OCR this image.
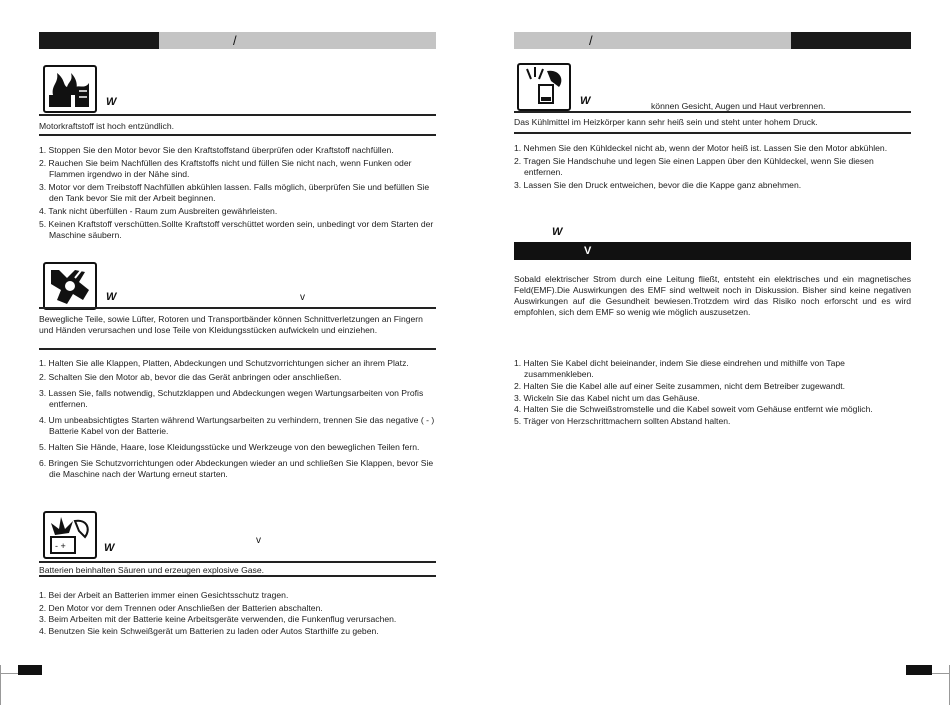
/
W
Motorkraftstoff ist hoch entzündlich.
1. Stoppen Sie den Motor bevor Sie den Kraftstoffstand überprüfen oder Kraftstoff nachfüllen.
2. Rauchen Sie beim Nachfüllen des Kraftstoffs nicht und füllen Sie nicht nach, wenn Funken oder Flammen irgendwo in der Nähe sind.
3. Motor vor dem Treibstoff Nachfüllen abkühlen lassen. Falls möglich, überprüfen Sie und befüllen Sie den Tank bevor Sie mit der Arbeit beginnen.
4. Tank nicht überfüllen - Raum zum Ausbreiten gewährleisten.
5. Keinen Kraftstoff verschütten.Sollte Kraftstoff verschüttet worden sein, unbedingt vor dem Starten der Maschine säubern.
W	v
Bewegliche Teile, sowie Lüfter, Rotoren und Transportbänder können Schnittverletzungen an Fingern und Händen verursachen und lose Teile von Kleidungsstücken aufwickeln und einziehen.
1. Halten Sie alle Klappen, Platten, Abdeckungen und Schutzvorrichtungen sicher an ihrem Platz.
2. Schalten Sie den Motor ab, bevor die das Gerät anbringen oder anschließen.
3. Lassen Sie, falls notwendig, Schutzklappen und Abdeckungen wegen Wartungsarbeiten von Profis entfernen.
4. Um unbeabsichtigtes Starten während Wartungsarbeiten zu verhindern, trennen Sie das negative ( - ) Batterie Kabel von der Batterie.
5. Halten Sie Hände, Haare, lose Kleidungsstücke und Werkzeuge von den beweglichen Teilen fern.
6. Bringen Sie Schutzvorrichtungen oder Abdeckungen wieder an und schließen Sie Klappen, bevor Sie die Maschine nach der Wartung erneut starten.
- +	W
v
Batterien beinhalten Säuren und erzeugen explosive Gase.
1. Bei der Arbeit an Batterien immer einen Gesichtsschutz tragen.
2. Den Motor vor dem Trennen oder Anschließen der Batterien abschalten.
3. Beim Arbeiten mit der Batterie keine Arbeitsgeräte verwenden, die Funkenflug verursachen.
4. Benutzen Sie kein Schweißgerät um Batterien zu laden oder Autos Starthilfe zu geben.
/
W	können Gesicht, Augen und Haut verbrennen.
Das Kühlmittel im Heizkörper kann sehr heiß sein und steht unter hohem Druck.
1. Nehmen Sie den Kühldeckel nicht ab, wenn der Motor heiß ist. Lassen Sie den Motor abkühlen.
2. Tragen Sie Handschuhe und legen Sie einen Lappen über den Kühldeckel, wenn Sie diesen entfernen.
3. Lassen Sie den Druck entweichen, bevor die die Kappe ganz abnehmen.
W
V
Sobald elektrischer Strom durch eine Leitung fließt, entsteht ein elektrisches und ein magnetisches Feld(EMF).Die Auswirkungen des EMF sind weltweit noch in Diskussion. Bisher sind keine negativen Auswirkungen auf die Gesundheit bewiesen.Trotzdem wird das Risiko noch erforscht und es wird empfohlen, sich dem EMF so wenig wie möglich auszusetzen.
1. Halten Sie Kabel dicht beieinander, indem Sie diese eindrehen und mithilfe von Tape zusammenkleben.
2. Halten Sie die Kabel alle auf einer Seite zusammen, nicht dem Betreiber zugewandt.
3. Wickeln Sie das Kabel nicht um das Gehäuse.
4. Halten Sie die Schweißstromstelle und die Kabel soweit vom Gehäuse entfernt wie möglich.
5. Träger von Herzschrittmachern sollten Abstand halten.
